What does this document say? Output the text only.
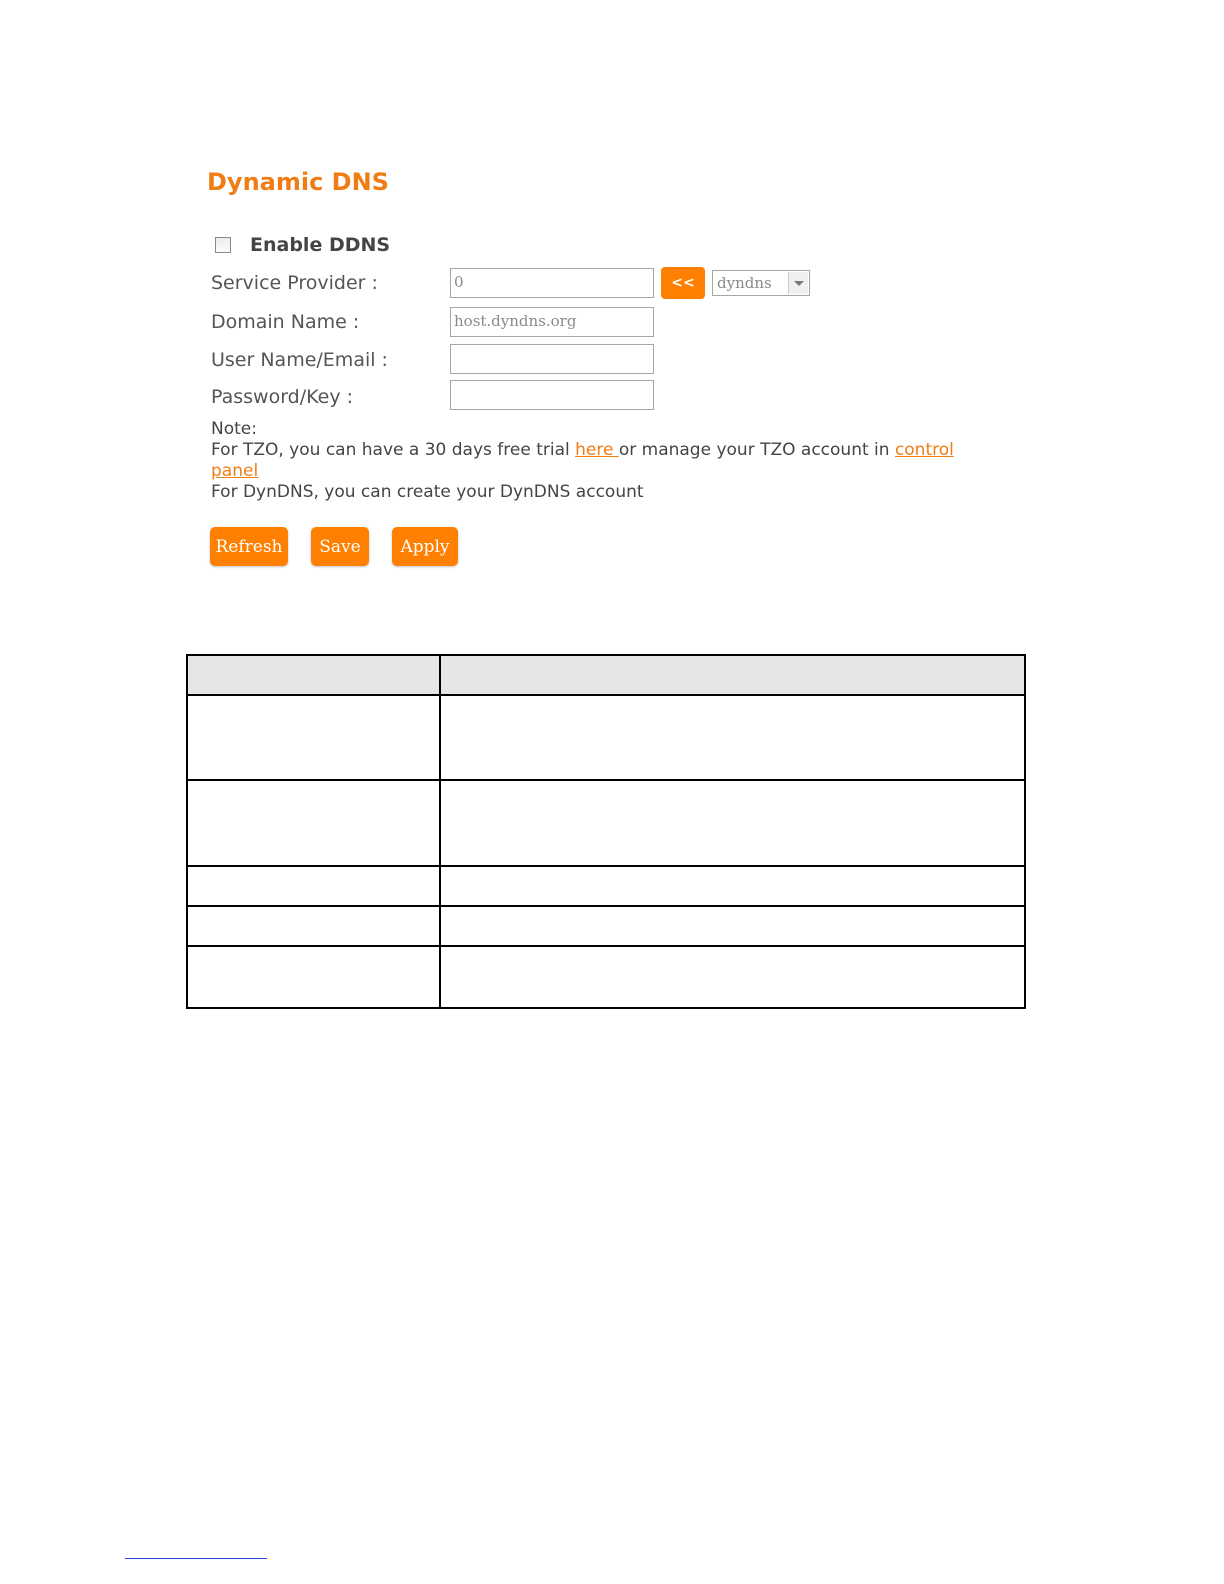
Dynamic DNS
Enable DDNS
Service Provider :	0	<<	dyndns
Domain Name :	host.dyndns.org
User Name/Email :
Password/Key :
Note:
For TZO, you can have a 30 days free trial here or manage your TZO account in control panel
For DynDNS, you can create your DynDNS account
Refresh	Save	Apply
